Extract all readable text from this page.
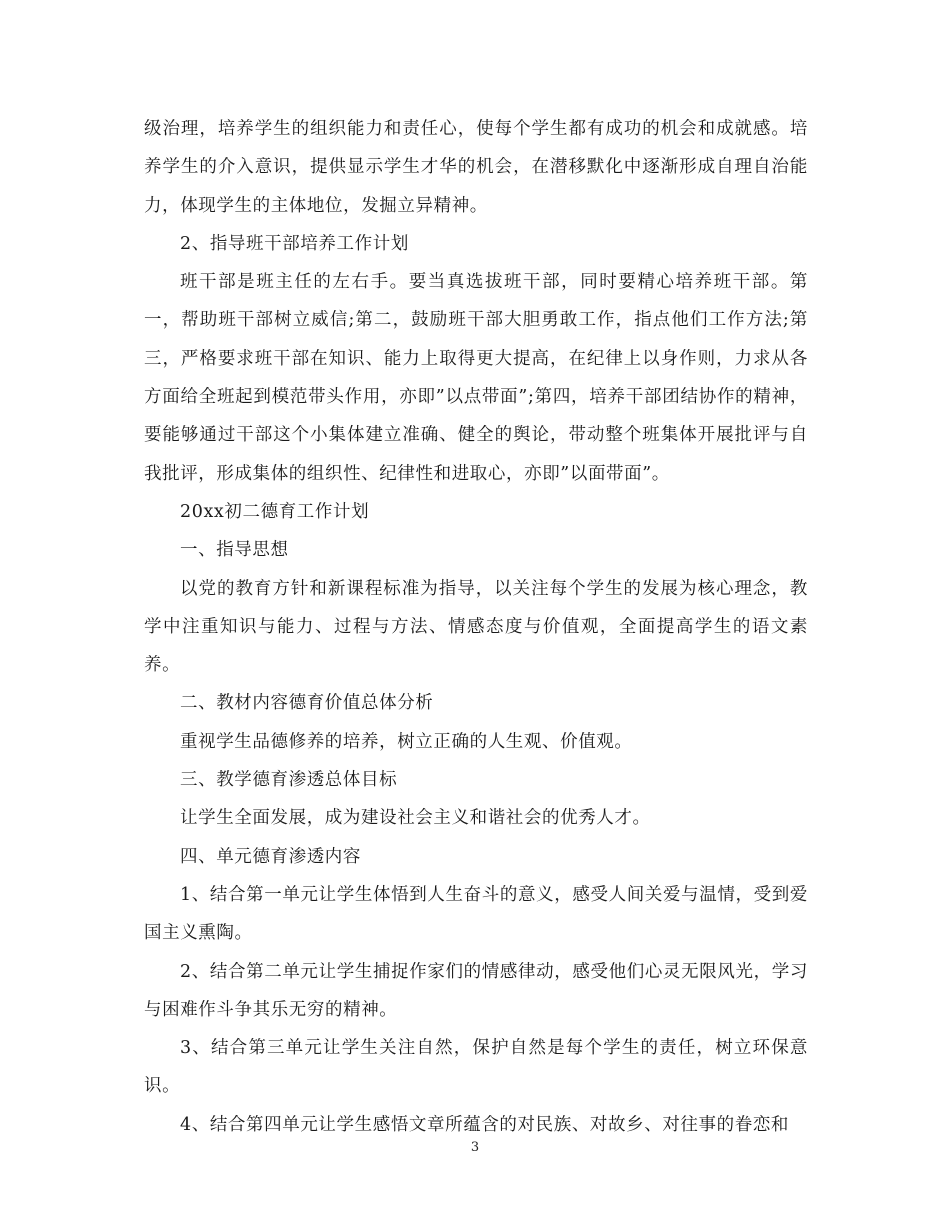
级治理，培养学生的组织能力和责任心，使每个学生都有成功的机会和成就感。培养学生的介入意识，提供显示学生才华的机会，在潜移默化中逐渐形成自理自治能力，体现学生的主体地位，发掘立异精神。

2、指导班干部培养工作计划

班干部是班主任的左右手。要当真选拔班干部，同时要精心培养班干部。第一，帮助班干部树立威信;第二，鼓励班干部大胆勇敢工作，指点他们工作方法;第三，严格要求班干部在知识、能力上取得更大提高，在纪律上以身作则，力求从各方面给全班起到模范带头作用，亦即”以点带面”;第四，培养干部团结协作的精神，要能够通过干部这个小集体建立准确、健全的舆论，带动整个班集体开展批评与自我批评，形成集体的组织性、纪律性和进取心，亦即”以面带面”。

20xx初二德育工作计划

一、指导思想

以党的教育方针和新课程标准为指导，以关注每个学生的发展为核心理念，教学中注重知识与能力、过程与方法、情感态度与价值观，全面提高学生的语文素养。

二、教材内容德育价值总体分析

重视学生品德修养的培养，树立正确的人生观、价值观。

三、教学德育渗透总体目标

让学生全面发展，成为建设社会主义和谐社会的优秀人才。

四、单元德育渗透内容

1、结合第一单元让学生体悟到人生奋斗的意义，感受人间关爱与温情，受到爱国主义熏陶。

2、结合第二单元让学生捕捉作家们的情感律动，感受他们心灵无限风光，学习与困难作斗争其乐无穷的精神。

3、结合第三单元让学生关注自然，保护自然是每个学生的责任，树立环保意识。

4、结合第四单元让学生感悟文章所蕴含的对民族、对故乡、对往事的眷恋和

3
